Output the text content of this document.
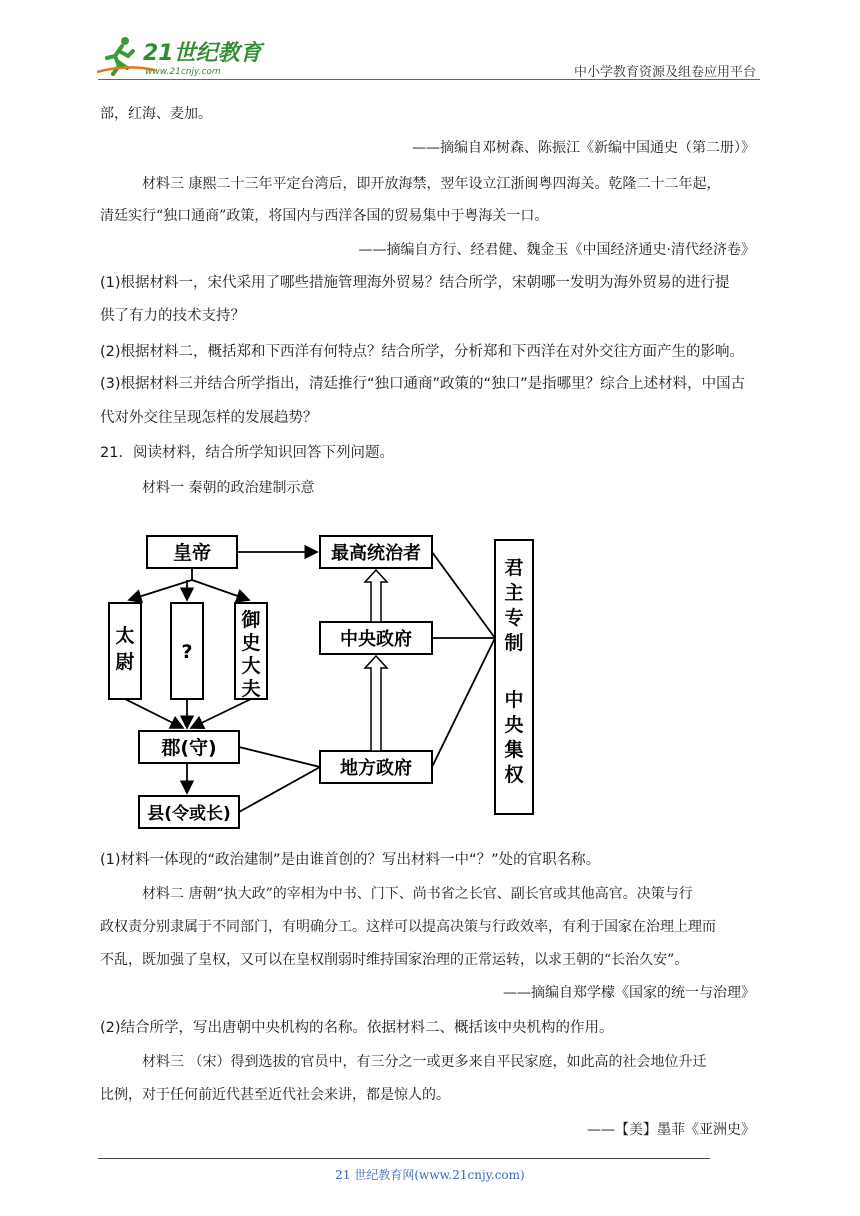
21世纪教育
www.21cnjy.com	中小学教育资源及组卷应用平台
部，红海、麦加。
——摘编自邓树森、陈振江《新编中国通史（第二册）》
材料三 康熙二十三年平定台湾后，即开放海禁，翌年设立江浙闽粤四海关。乾隆二十二年起，
清廷实行“独口通商”政策，将国内与西洋各国的贸易集中于粤海关一口。
——摘编自方行、经君健、魏金玉《中国经济通史·清代经济卷》
(1)根据材料一，宋代采用了哪些措施管理海外贸易？结合所学，宋朝哪一发明为海外贸易的进行提
供了有力的技术支持？
(2)根据材料二，概括郑和下西洋有何特点？结合所学，分析郑和下西洋在对外交往方面产生的影响。
(3)根据材料三并结合所学指出，清廷推行“独口通商”政策的“独口”是指哪里？综合上述材料，中国古
代对外交往呈现怎样的发展趋势？
21．阅读材料，结合所学知识回答下列问题。
材料一 秦朝的政治建制示意
皇帝
太
尉 ?
御
史
大
夫
郡(守)
县(令或长)
最高统治者
中央政府
地方政府
君
主
专
制
中
央
集
权
(1)材料一体现的“政治建制”是由谁首创的？写出材料一中“？”处的官职名称。
材料二 唐朝“执大政”的宰相为中书、门下、尚书省之长官、副长官或其他高官。决策与行
政权责分别隶属于不同部门，有明确分工。这样可以提高决策与行政效率，有利于国家在治理上理而
不乱，既加强了皇权，又可以在皇权削弱时维持国家治理的正常运转，以求王朝的“长治久安”。
——摘编自郑学檬《国家的统一与治理》
(2)结合所学，写出唐朝中央机构的名称。依据材料二、概括该中央机构的作用。
材料三 （宋）得到选拔的官员中，有三分之一或更多来自平民家庭，如此高的社会地位升迁
比例，对于任何前近代甚至近代社会来讲，都是惊人的。
——【美】墨菲《亚洲史》
21 世纪教育网(www.21cnjy.com)
